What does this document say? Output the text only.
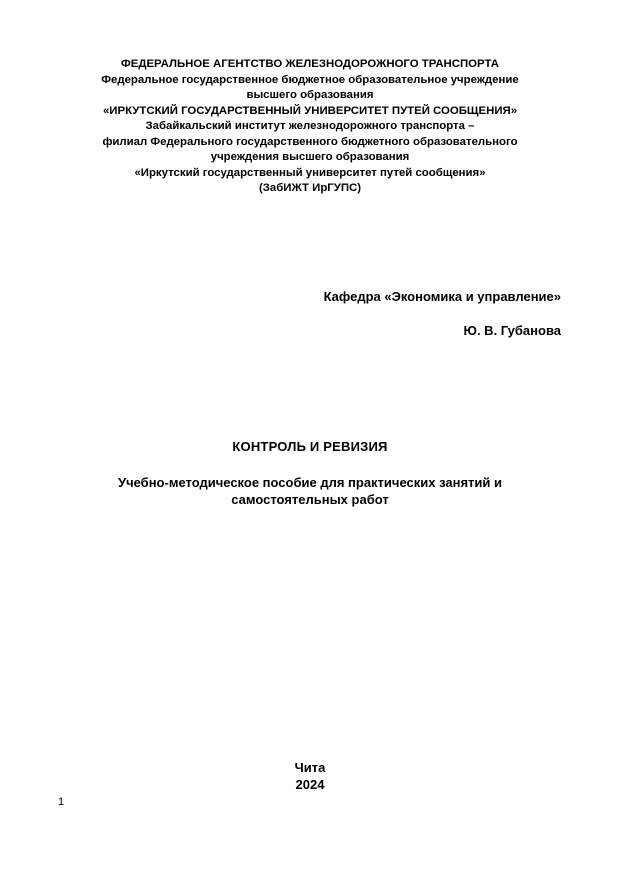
ФЕДЕРАЛЬНОЕ АГЕНТСТВО ЖЕЛЕЗНОДОРОЖНОГО ТРАНСПОРТА
Федеральное государственное бюджетное образовательное учреждение
высшего образования
«ИРКУТСКИЙ ГОСУДАРСТВЕННЫЙ УНИВЕРСИТЕТ ПУТЕЙ СООБЩЕНИЯ»
Забайкальский институт железнодорожного транспорта –
филиал Федерального государственного бюджетного образовательного
учреждения высшего образования
«Иркутский государственный университет путей сообщения»
(ЗабИЖТ ИрГУПС)
Кафедра «Экономика и управление»
Ю. В. Губанова
КОНТРОЛЬ И РЕВИЗИЯ
Учебно-методическое пособие для практических занятий и
самостоятельных работ
Чита
2024
1
